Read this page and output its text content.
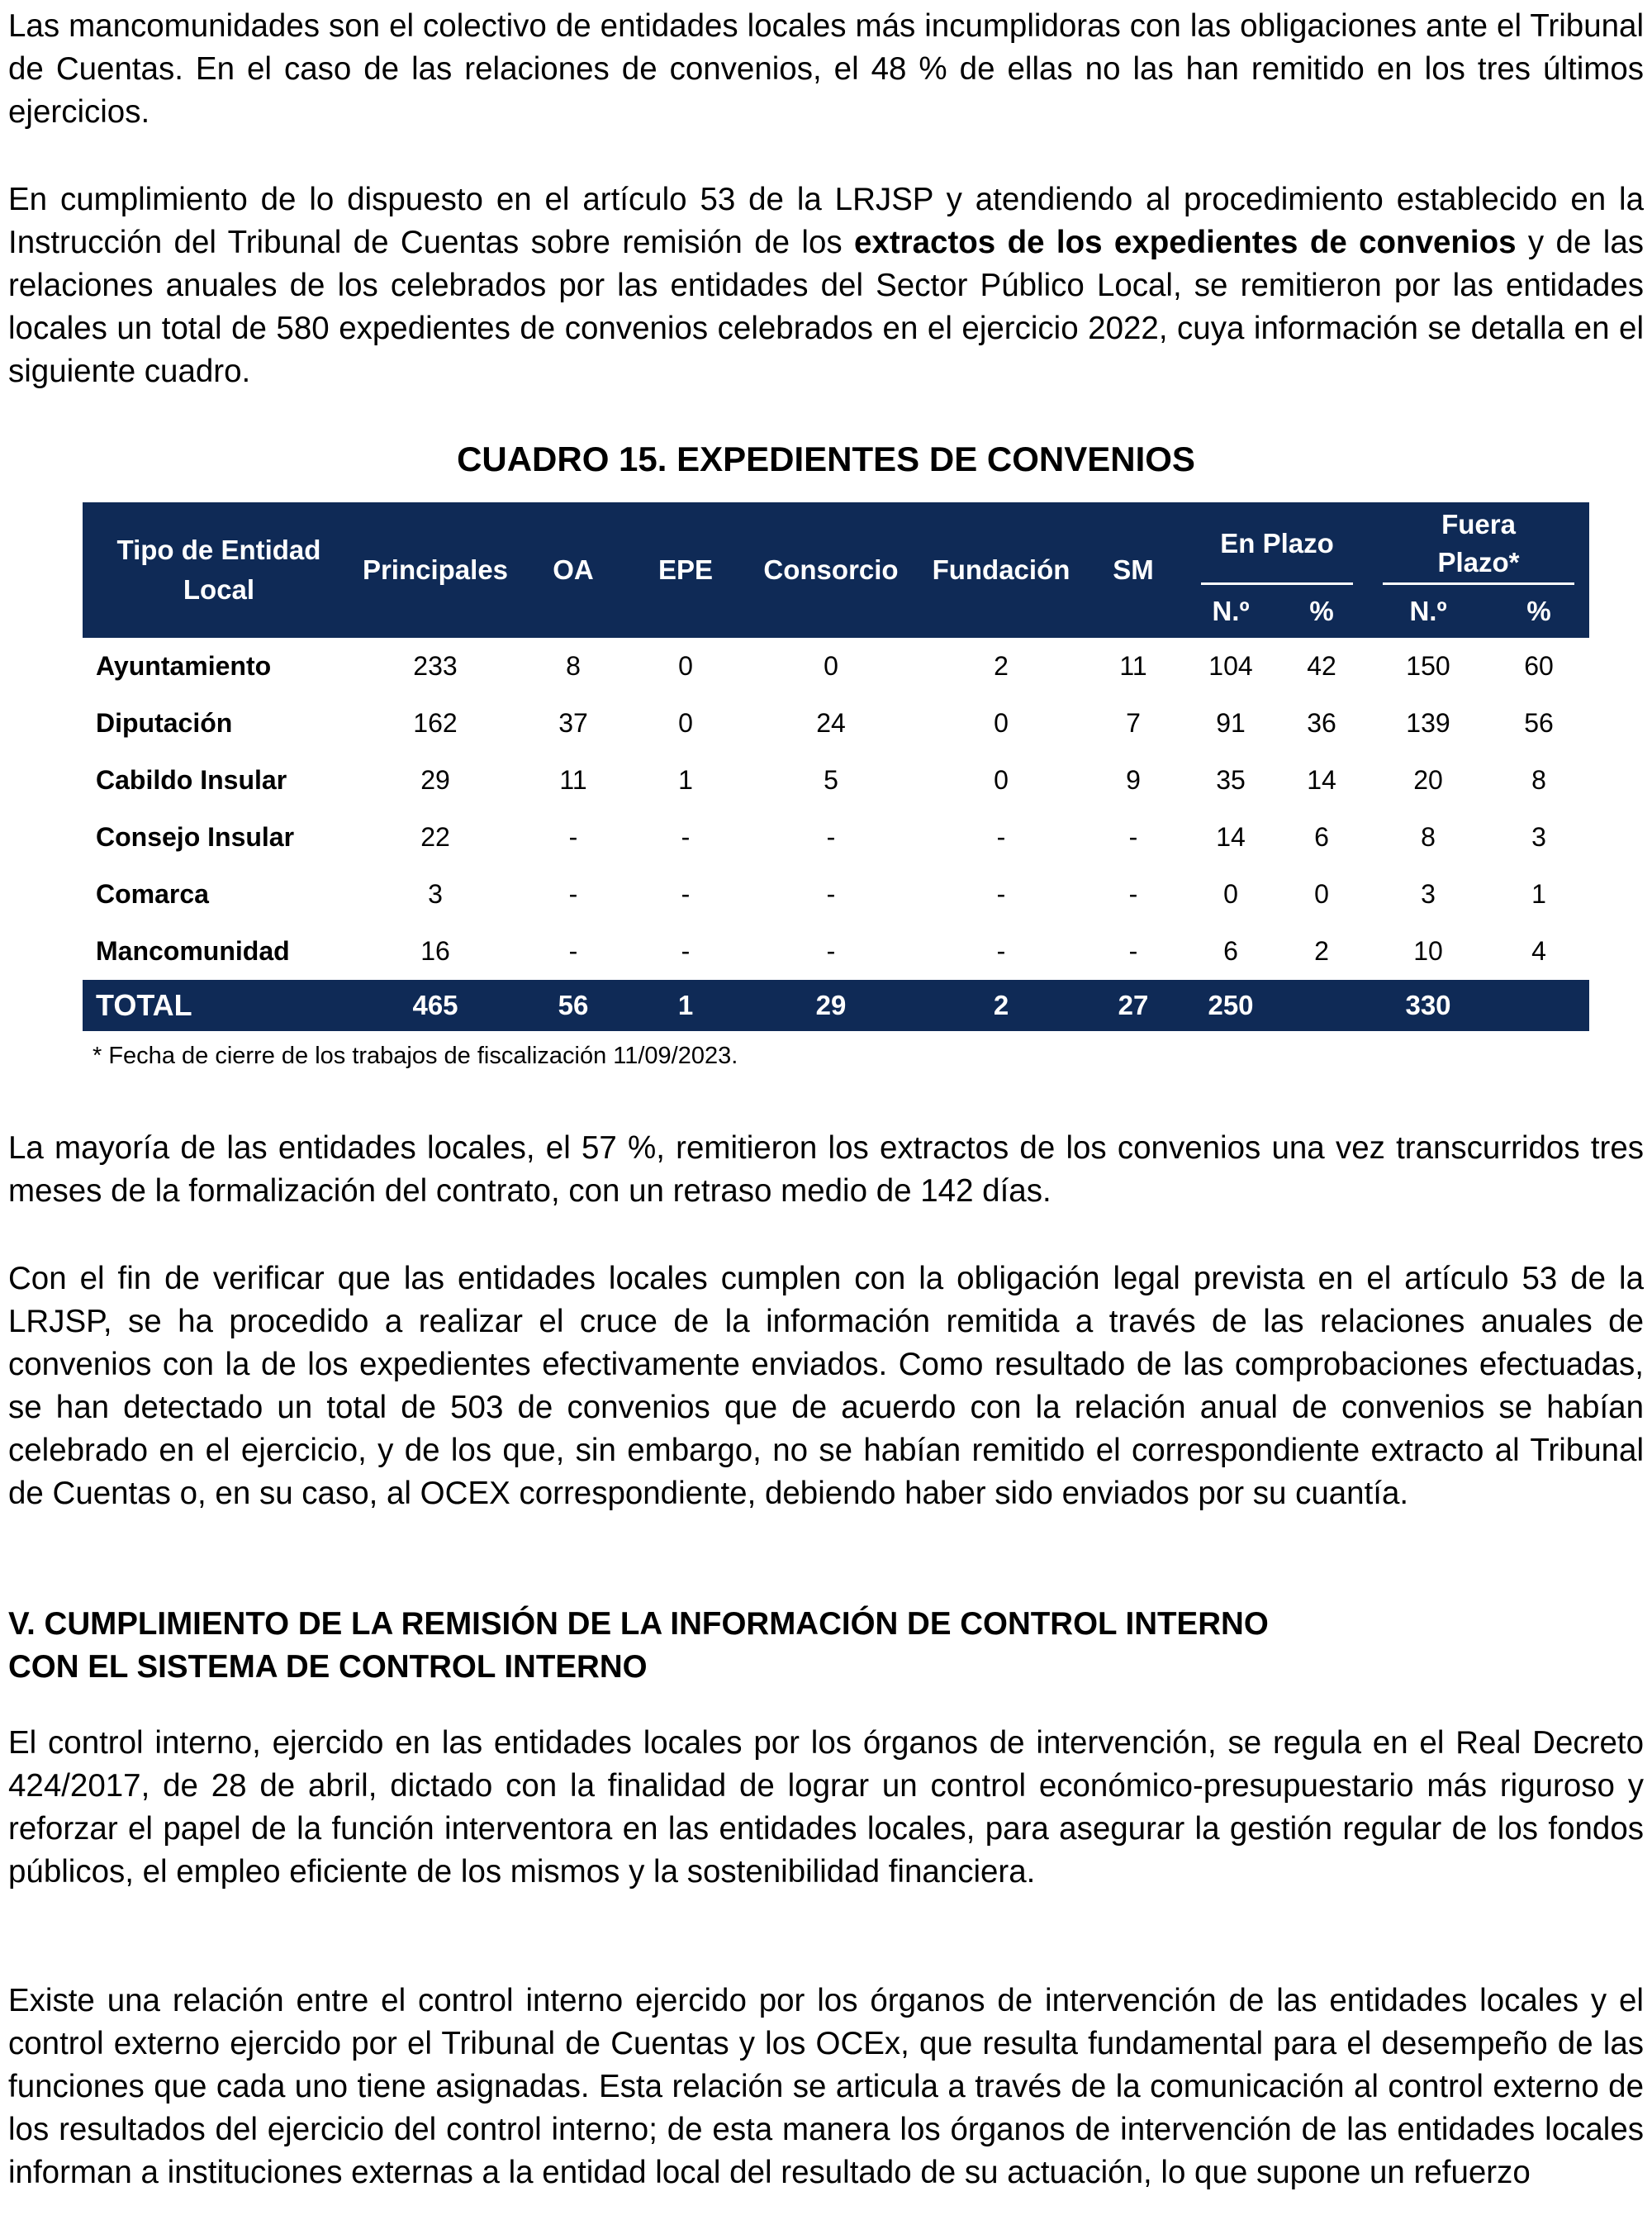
Las mancomunidades son el colectivo de entidades locales más incumplidoras con las obligaciones ante el Tribunal de Cuentas. En el caso de las relaciones de convenios, el 48 % de ellas no las han remitido en los tres últimos ejercicios.

En cumplimiento de lo dispuesto en el artículo 53 de la LRJSP y atendiendo al procedimiento establecido en la Instrucción del Tribunal de Cuentas sobre remisión de los extractos de los expedientes de convenios y de las relaciones anuales de los celebrados por las entidades del Sector Público Local, se remitieron por las entidades locales un total de 580 expedientes de convenios celebrados en el ejercicio 2022, cuya información se detalla en el siguiente cuadro.

CUADRO 15. EXPEDIENTES DE CONVENIOS

Tipo de Entidad Local	Principales	OA	EPE	Consorcio	Fundación	SM	En Plazo		Fuera Plazo*	

							N.º	%	N.º	%
Ayuntamiento	233	8	0	0	2	11	104	42	150	60
Diputación	162	37	0	24	0	7	91	36	139	56
Cabildo Insular	29	11	1	5	0	9	35	14	20	8
Consejo Insular	22	-	-	-	-	-	14	6	8	3
Comarca	3	-	-	-	-	-	0	0	3	1
Mancomunidad	16	-	-	-	-	-	6	2	10	4
TOTAL	465	56	1	29	2	27	250		330	

* Fecha de cierre de los trabajos de fiscalización 11/09/2023.

La mayoría de las entidades locales, el 57 %, remitieron los extractos de los convenios una vez transcurridos tres meses de la formalización del contrato, con un retraso medio de 142 días.

Con el fin de verificar que las entidades locales cumplen con la obligación legal prevista en el artículo 53 de la LRJSP, se ha procedido a realizar el cruce de la información remitida a través de las relaciones anuales de convenios con la de los expedientes efectivamente enviados. Como resultado de las comprobaciones efectuadas, se han detectado un total de 503 de convenios que de acuerdo con la relación anual de convenios se habían celebrado en el ejercicio, y de los que, sin embargo, no se habían remitido el correspondiente extracto al Tribunal de Cuentas o, en su caso, al OCEX correspondiente, debiendo haber sido enviados por su cuantía.

V. CUMPLIMIENTO DE LA REMISIÓN DE LA INFORMACIÓN DE CONTROL INTERNO
CON EL SISTEMA DE CONTROL INTERNO

El control interno, ejercido en las entidades locales por los órganos de intervención, se regula en el Real Decreto 424/2017, de 28 de abril, dictado con la finalidad de lograr un control económico-presupuestario más riguroso y reforzar el papel de la función interventora en las entidades locales, para asegurar la gestión regular de los fondos públicos, el empleo eficiente de los mismos y la sostenibilidad financiera.

Existe una relación entre el control interno ejercido por los órganos de intervención de las entidades locales y el control externo ejercido por el Tribunal de Cuentas y los OCEx, que resulta fundamental para el desempeño de las funciones que cada uno tiene asignadas. Esta relación se articula a través de la comunicación al control externo de los resultados del ejercicio del control interno; de esta manera los órganos de intervención de las entidades locales informan a instituciones externas a la entidad local del resultado de su actuación, lo que supone un refuerzo
